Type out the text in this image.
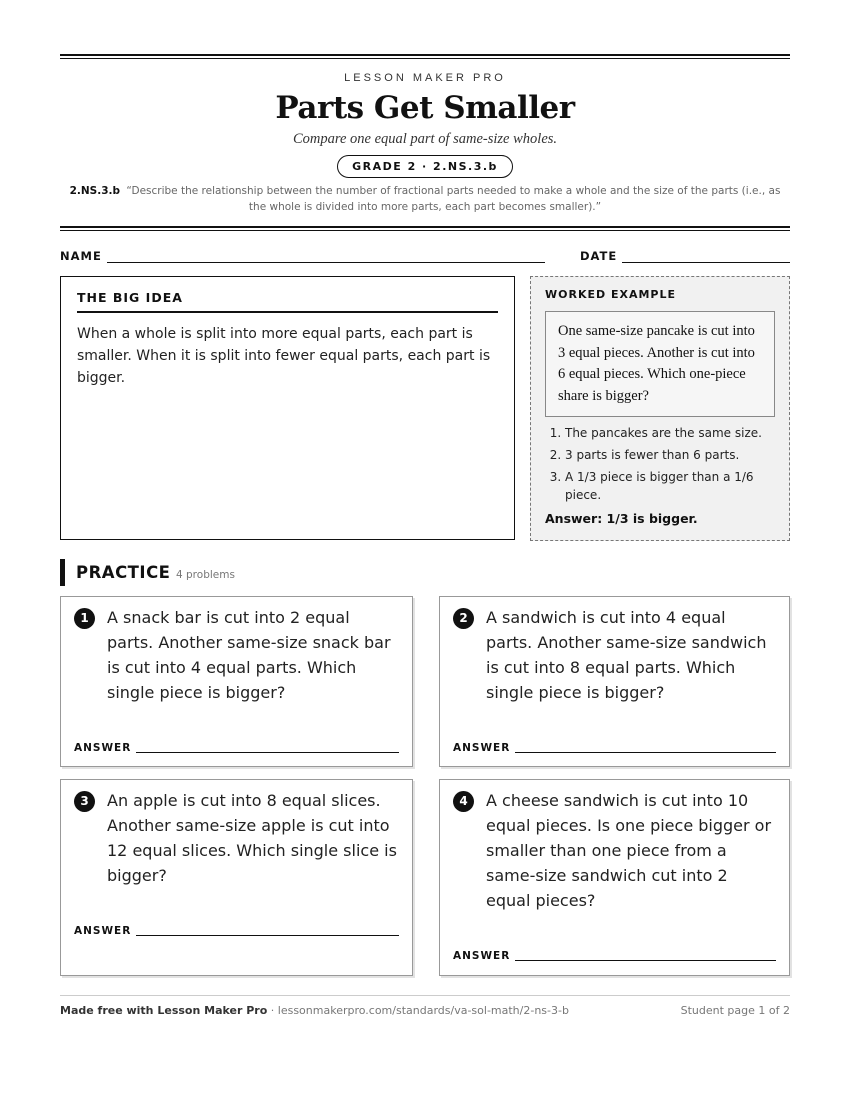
LESSON MAKER PRO
Parts Get Smaller
Compare one equal part of same-size wholes.
GRADE 2 · 2.NS.3.b
2.NS.3.b “Describe the relationship between the number of fractional parts needed to make a whole and the size of the parts (i.e., as the whole is divided into more parts, each part becomes smaller).”
NAME	DATE
THE BIG IDEA

When a whole is split into more equal parts, each part is smaller. When it is split into fewer equal parts, each part is bigger.

WORKED EXAMPLE
One same-size pancake is cut into 3 equal pieces. Another is cut into 6 equal pieces. Which one-piece share is bigger?
1. The pancakes are the same size.
2. 3 parts is fewer than 6 parts.
3. A 1/3 piece is bigger than a 1/6 piece.
Answer: 1/3 is bigger.
PRACTICE 4 problems
1	A snack bar is cut into 2 equal parts. Another same-size snack bar is cut into 4 equal parts. Which single piece is bigger?
ANSWER
2	A sandwich is cut into 4 equal parts. Another same-size sandwich is cut into 8 equal parts. Which single piece is bigger?
ANSWER
3	An apple is cut into 8 equal slices. Another same-size apple is cut into 12 equal slices. Which single slice is bigger?
ANSWER
4	A cheese sandwich is cut into 10 equal pieces. Is one piece bigger or smaller than one piece from a same-size sandwich cut into 2 equal pieces?
ANSWER
Made free with Lesson Maker Pro · lessonmakerpro.com/standards/va-sol-math/2-ns-3-b	Student page 1 of 2
